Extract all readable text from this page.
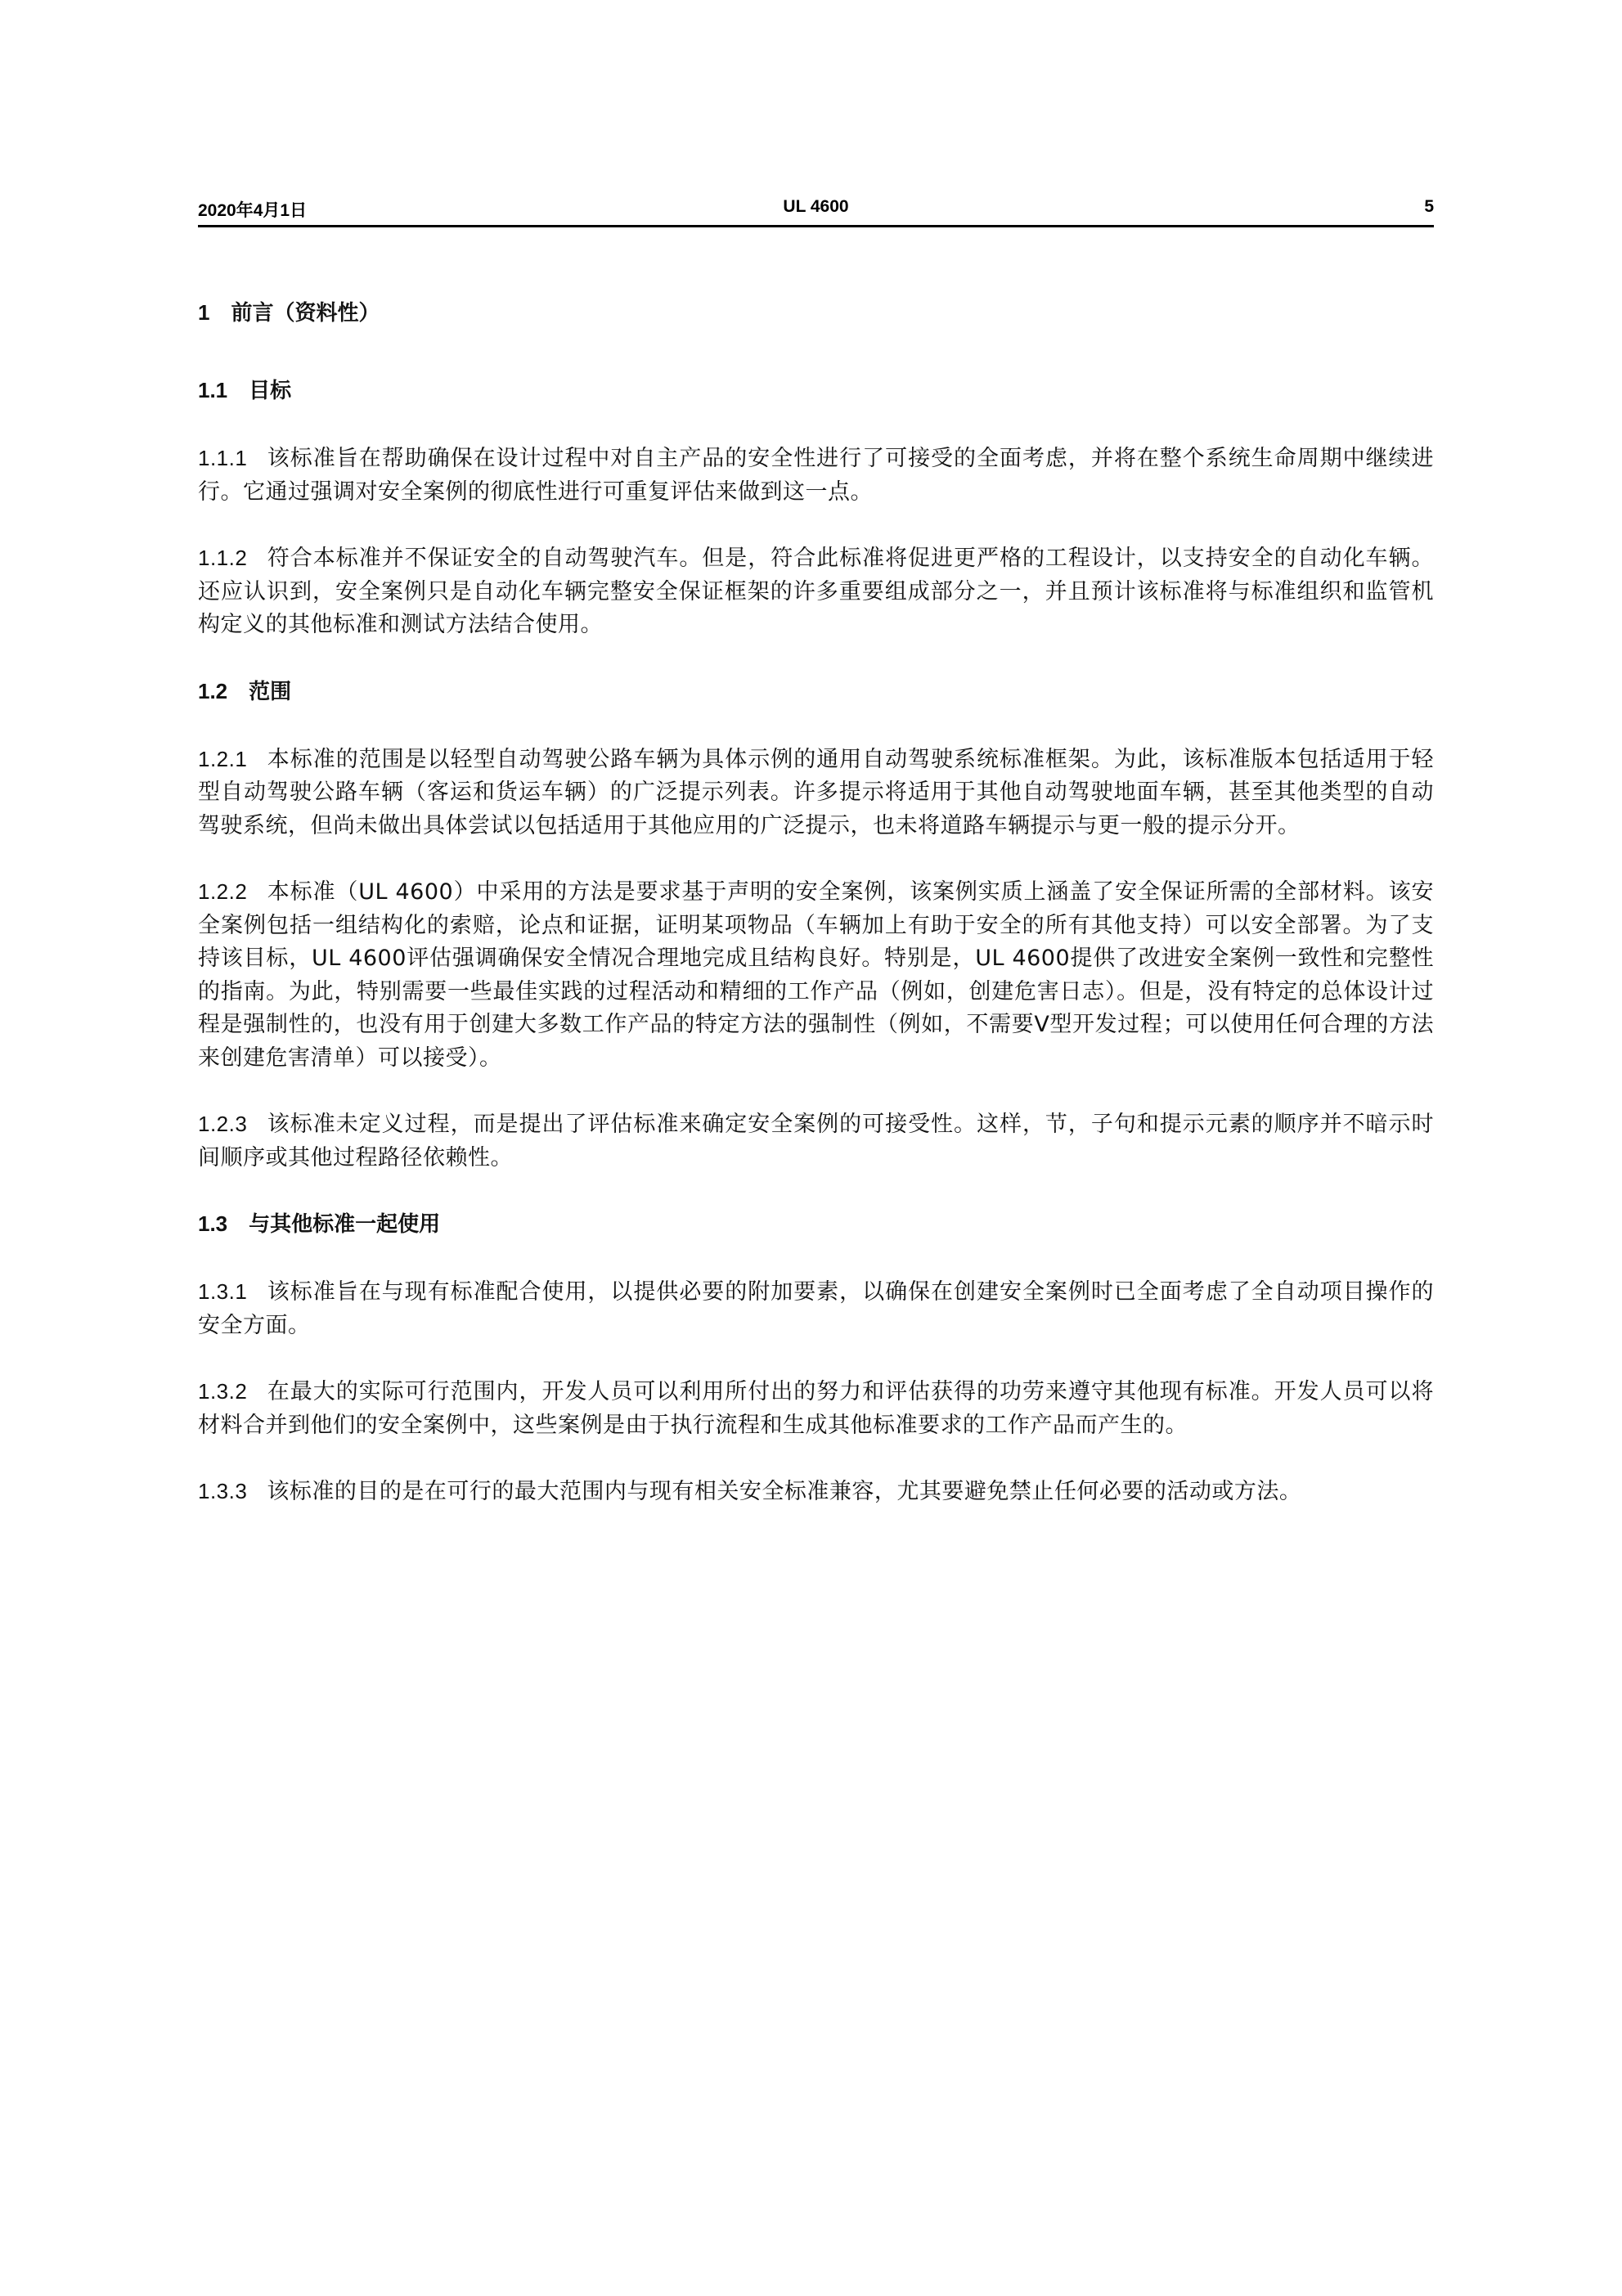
2020年4月1日	UL 4600	5
1 前言（资料性）
1.1 目标

1.1.1 该标准旨在帮助确保在设计过程中对自主产品的安全性进行了可接受的全面考虑，并将在整个系统生命周期中继续进行。它通过强调对安全案例的彻底性进行可重复评估来做到这一点。

1.1.2 符合本标准并不保证安全的自动驾驶汽车。但是，符合此标准将促进更严格的工程设计，以支持安全的自动化车辆。还应认识到，安全案例只是自动化车辆完整安全保证框架的许多重要组成部分之一，并且预计该标准将与标准组织和监管机构定义的其他标准和测试方法结合使用。

1.2 范围

1.2.1 本标准的范围是以轻型自动驾驶公路车辆为具体示例的通用自动驾驶系统标准框架。为此，该标准版本包括适用于轻型自动驾驶公路车辆（客运和货运车辆）的广泛提示列表。许多提示将适用于其他自动驾驶地面车辆，甚至其他类型的自动驾驶系统，但尚未做出具体尝试以包括适用于其他应用的广泛提示，也未将道路车辆提示与更一般的提示分开。

1.2.2 本标准（UL 4600）中采用的方法是要求基于声明的安全案例，该案例实质上涵盖了安全保证所需的全部材料。该安全案例包括一组结构化的索赔，论点和证据，证明某项物品（车辆加上有助于安全的所有其他支持）可以安全部署。为了支持该目标，UL 4600评估强调确保安全情况合理地完成且结构良好。特别是，UL 4600提供了改进安全案例一致性和完整性的指南。为此，特别需要一些最佳实践的过程活动和精细的工作产品（例如，创建危害日志）。但是，没有特定的总体设计过程是强制性的，也没有用于创建大多数工作产品的特定方法的强制性（例如，不需要V型开发过程；可以使用任何合理的方法来创建危害清单）可以接受）。

1.2.3 该标准未定义过程，而是提出了评估标准来确定安全案例的可接受性。这样，节，子句和提示元素的顺序并不暗示时间顺序或其他过程路径依赖性。

1.3 与其他标准一起使用

1.3.1 该标准旨在与现有标准配合使用，以提供必要的附加要素，以确保在创建安全案例时已全面考虑了全自动项目操作的安全方面。

1.3.2 在最大的实际可行范围内，开发人员可以利用所付出的努力和评估获得的功劳来遵守其他现有标准。开发人员可以将材料合并到他们的安全案例中，这些案例是由于执行流程和生成其他标准要求的工作产品而产生的。

1.3.3 该标准的目的是在可行的最大范围内与现有相关安全标准兼容，尤其要避免禁止任何必要的活动或方法。
